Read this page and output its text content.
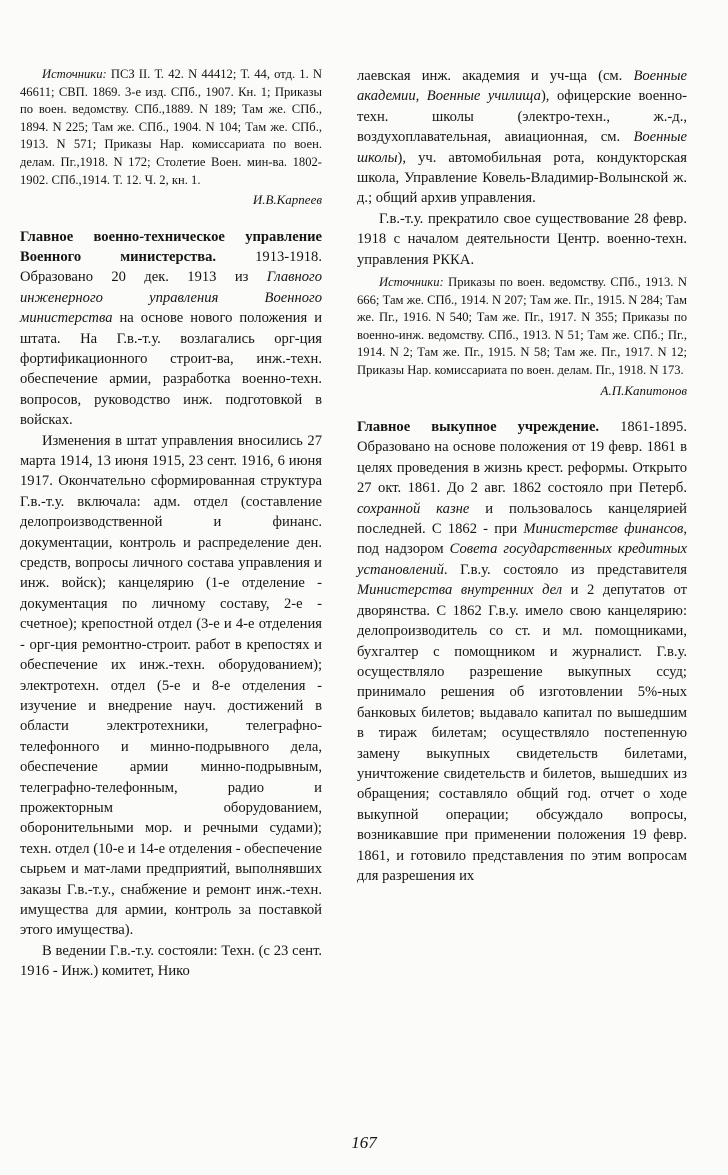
Источники: ПСЗ II. Т. 42. N 44412; Т. 44, отд. 1. N 46611; СВП. 1869. 3-е изд. СПб., 1907. Кн. 1; Приказы по воен. ведомству. СПб.,1889. N 189; Там же. СПб., 1894. N 225; Там же. СПб., 1904. N 104; Там же. СПб., 1913. N 571; Приказы Нар. комиссариата по воен. делам. Пг.,1918. N 172; Столетие Воен. мин-ва. 1802-1902. СПб.,1914. Т. 12. Ч. 2, кн. 1.

И.В.Карпеев

Главное военно-техническое управление Военного министерства.	1913-1918. Образовано 20 дек. 1913 из Главного инженерного управления Военного министерства на основе нового положения и штата. На Г.в.-т.у. возлагались орг-ция фортификационного строит-ва, инж.-техн. обеспечение армии, разработка военно-техн. вопросов, руководство инж. подготовкой в войсках.

Изменения в штат управления вносились 27 марта 1914, 13 июня 1915, 23 сент. 1916, 6 июня 1917. Окончательно сформированная структура Г.в.-т.у. включала: адм. отдел (составление делопроизводственной и финанс. документации, контроль и распределение ден. средств, вопросы личного состава управления и инж. войск); канцелярию (1-е отделение - документация по личному составу, 2-е - счетное); крепостной отдел (3-е и 4-е отделения - орг-ция ремонтно-строит. работ в крепостях и обеспечение их инж.-техн. оборудованием); электротехн. отдел (5-е и 8-е отделения - изучение и внедрение науч. достижений в области электротехники, телеграфно-телефонного и минно-подрывного дела, обеспечение армии минно-подрывным, телеграфно-телефонным, радио и прожекторным оборудованием, оборонительными мор. и речными судами); техн. отдел (10-е и 14-е отделения - обеспечение сырьем и мат-лами предприятий, выполнявших заказы Г.в.-т.у., снабжение и ремонт инж.-техн. имущества для армии, контроль за поставкой этого имущества).

В ведении Г.в.-т.у. состояли: Техн. (с 23 сент. 1916 - Инж.) комитет, Нико

лаевская инж. академия и уч-ща (см. Военные академии, Военные училища), офицерские военно-техн. школы (электро-техн., ж.-д., воздухоплавательная, авиационная, см. Военные школы), уч. автомобильная рота, кондукторская школа, Управление Ковель-Владимир-Волынской ж. д.; общий архив управления.

Г.в.-т.у. прекратило свое существование 28 февр. 1918 с началом деятельности Центр. военно-техн. управления РККА.

Источники: Приказы по воен. ведомству. СПб., 1913. N 666; Там же. СПб., 1914. N 207; Там же. Пг., 1915. N 284; Там же. Пг., 1916. N 540; Там же. Пг., 1917. N 355; Приказы по военно-инж. ведомству. СПб., 1913. N 51; Там же. СПб.; Пг., 1914. N 2; Там же. Пг., 1915. N 58; Там же. Пг., 1917. N 12; Приказы Нар. комиссариата по воен. делам. Пг., 1918. N 173.

А.П.Капитонов

Главное выкупное учреждение. 1861-1895. Образовано на основе положения от 19 февр. 1861 в целях проведения в жизнь крест. реформы. Открыто 27 окт. 1861. До 2 авг. 1862 состояло при Петерб. сохранной казне и пользовалось канцелярией последней. С 1862 - при Министерстве финансов, под надзором Совета государственных кредитных установлений. Г.в.у. состояло из представителя Министерства внутренних дел и 2 депутатов от дворянства. С 1862 Г.в.у. имело свою канцелярию: делопроизводитель со ст. и мл. помощниками, бухгалтер с помощником и журналист. Г.в.у. осуществляло разрешение выкупных ссуд; принимало решения об изготовлении 5%-ных банковых билетов; выдавало капитал по вышедшим в тираж билетам; осуществляло постепенную замену выкупных свидетельств билетами, уничтожение свидетельств и билетов, вышедших из обращения; составляло общий год. отчет о ходе выкупной операции; обсуждало вопросы, возникавшие при применении положения 19 февр. 1861, и готовило представления по этим вопросам для разрешения их

167
